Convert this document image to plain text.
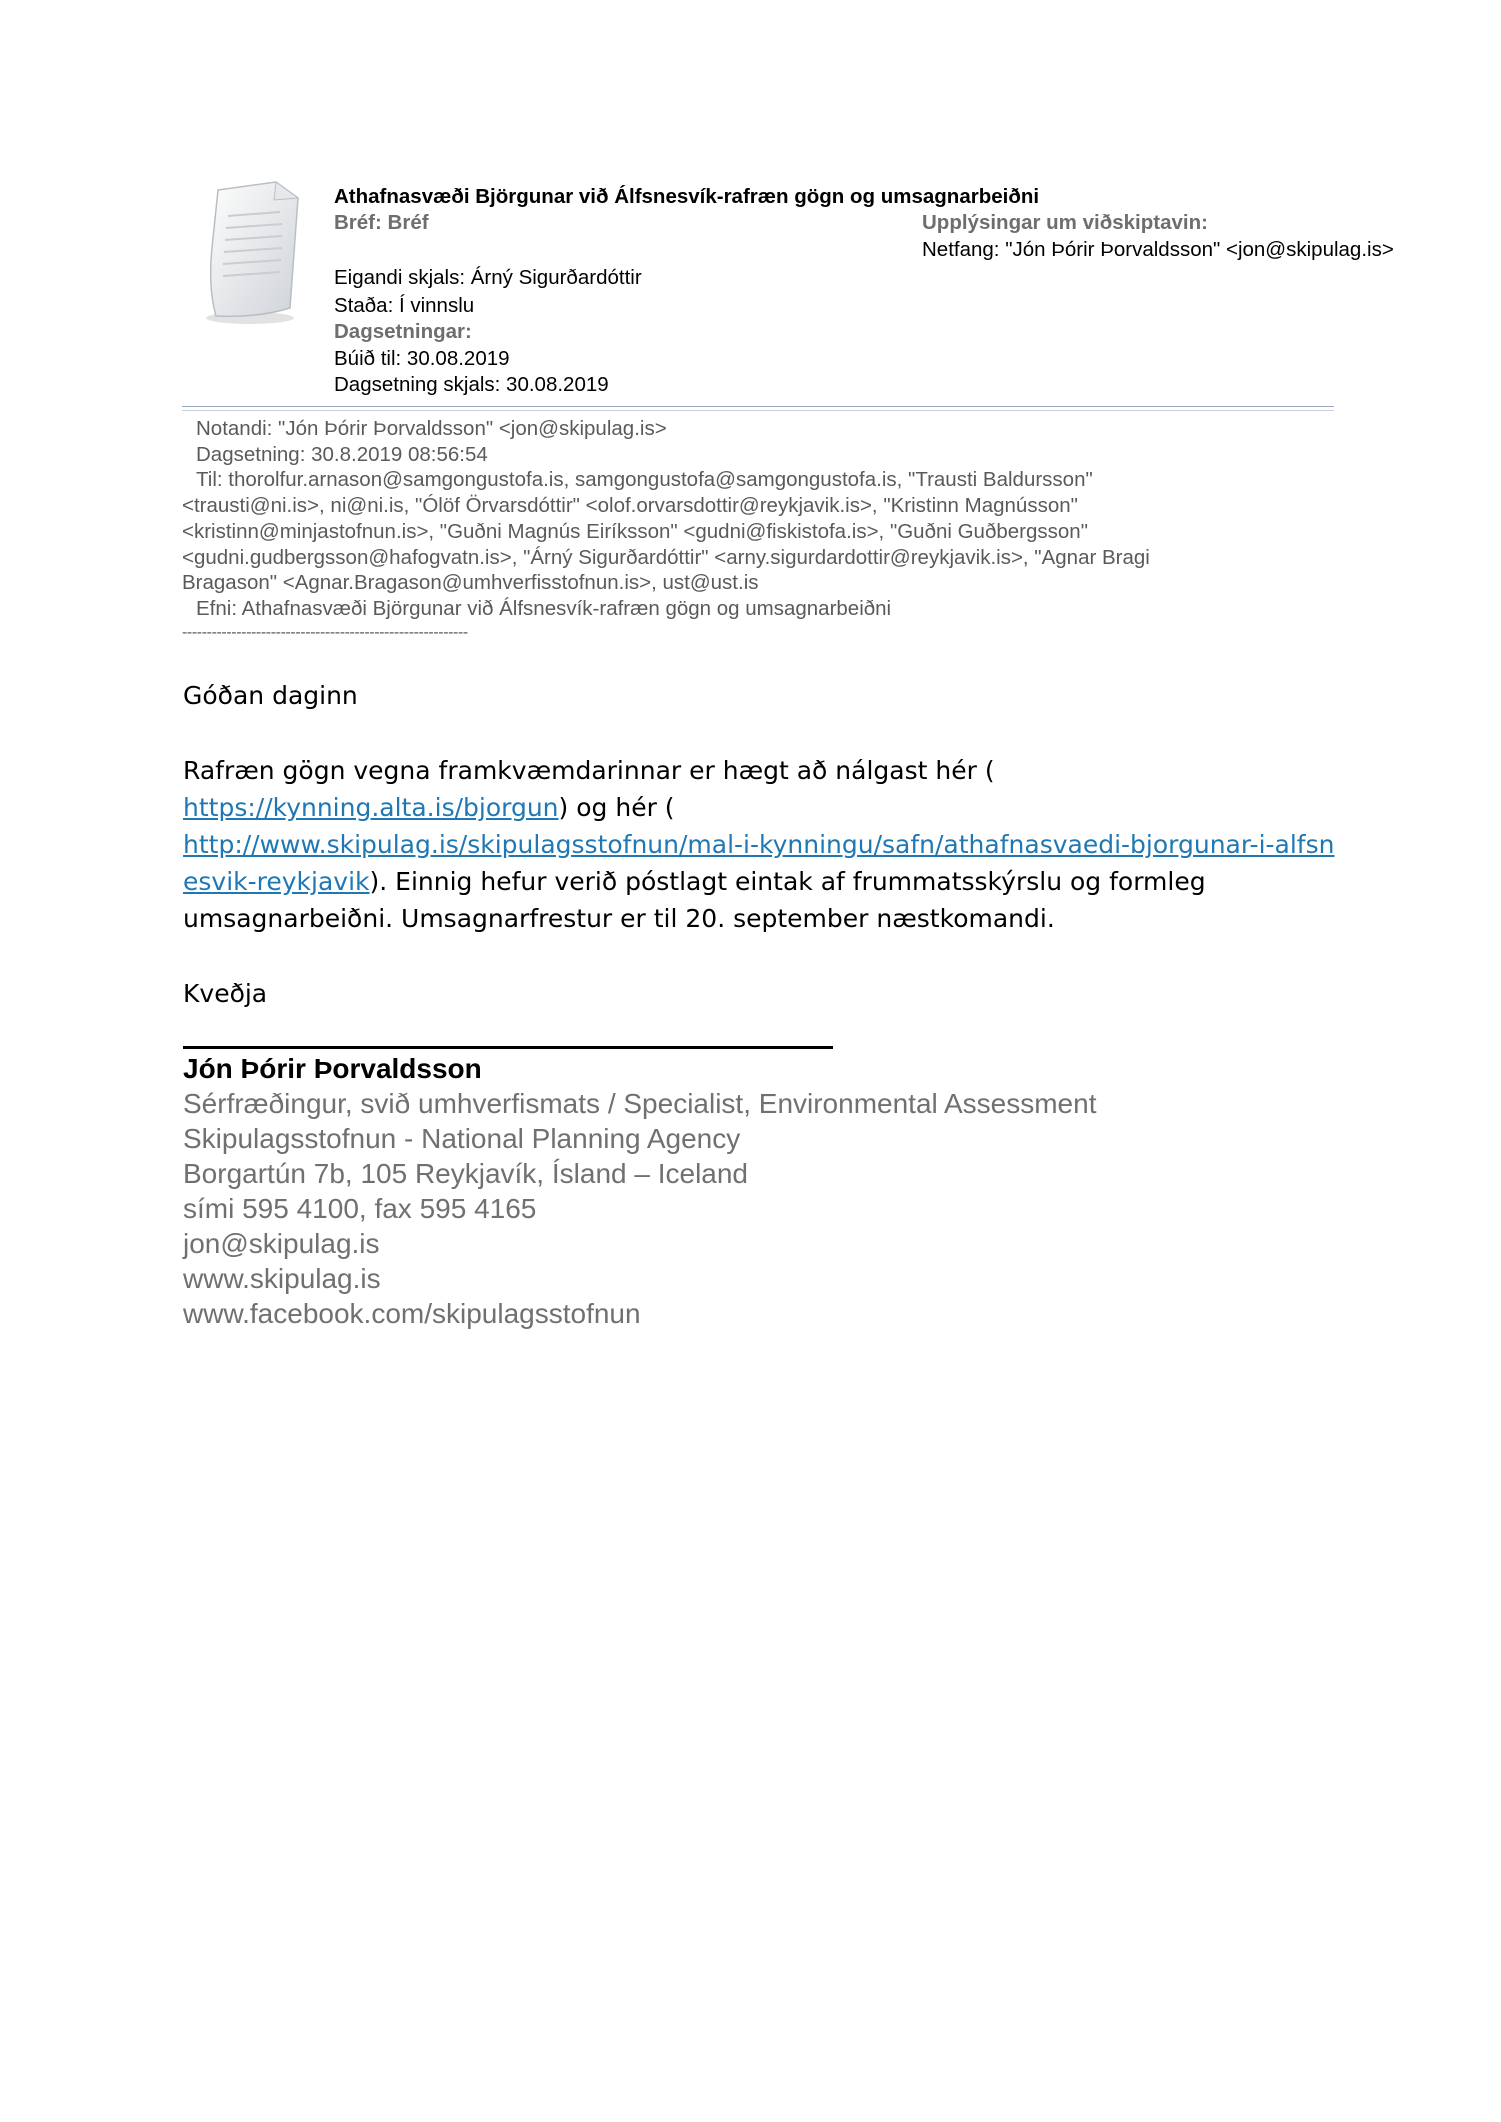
Athafnasvæði Björgunar við Álfsnesvík-rafræn gögn og umsagnarbeiðni
Bréf: Bréf
Eigandi skjals: Árný Sigurðardóttir
Staða: Í vinnslu
Dagsetningar:
Búið til: 30.08.2019
Dagsetning skjals: 30.08.2019
Upplýsingar um viðskiptavin:
Netfang: "Jón Þórir Þorvaldsson" <jon@skipulag.is>

Notandi: "Jón Þórir Þorvaldsson" <jon@skipulag.is>

Dagsetning: 30.8.2019 08:56:54

Til: thorolfur.arnason@samgongustofa.is, samgongustofa@samgongustofa.is, "Trausti Baldursson"

<trausti@ni.is>, ni@ni.is, "Ólöf Örvarsdóttir" <olof.orvarsdottir@reykjavik.is>, "Kristinn Magnússon"

<kristinn@minjastofnun.is>, "Guðni Magnús Eiríksson" <gudni@fiskistofa.is>, "Guðni Guðbergsson"

<gudni.gudbergsson@hafogvatn.is>, "Árný Sigurðardóttir" <arny.sigurdardottir@reykjavik.is>, "Agnar Bragi

Bragason" <Agnar.Bragason@umhverfisstofnun.is>, ust@ust.is

Efni: Athafnasvæði Björgunar við Álfsnesvík-rafræn gögn og umsagnarbeiðni

----------------------------------------------------------
Góðan daginn
Rafræn gögn vegna framkvæmdarinnar er hægt að nálgast hér (
https://kynning.alta.is/bjorgun) og hér (
http://www.skipulag.is/skipulagsstofnun/mal-i-kynningu/safn/athafnasvaedi-bjorgunar-i-alfsnesvik-reykjavik). Einnig hefur verið póstlagt eintak af frummatsskýrslu og formleg umsagnarbeiðni. Umsagnarfrestur er til 20. september næstkomandi.
Kveðja
Jón Þórir Þorvaldsson
Sérfræðingur, svið umhverfismats / Specialist, Environmental Assessment
Skipulagsstofnun - National Planning Agency
Borgartún 7b, 105 Reykjavík, Ísland – Iceland
sími 595 4100, fax 595 4165
jon@skipulag.is
www.skipulag.is
www.facebook.com/skipulagsstofnun
